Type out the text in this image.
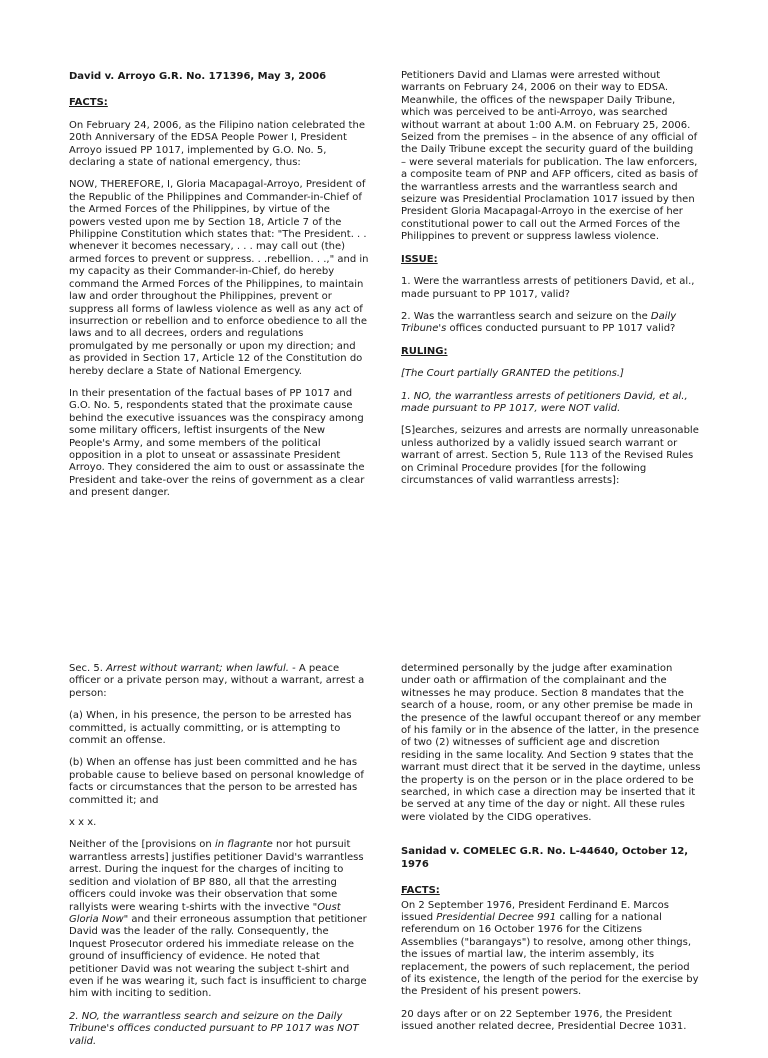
David v. Arroyo G.R. No. 171396, May 3, 2006

FACTS:

On February 24, 2006, as the Filipino nation celebrated the 20th Anniversary of the EDSA People Power I, President Arroyo issued PP 1017, implemented by G.O. No. 5, declaring a state of national emergency, thus:

NOW, THEREFORE, I, Gloria Macapagal-Arroyo, President of the Republic of the Philippines and Commander-in-Chief of the Armed Forces of the Philippines, by virtue of the powers vested upon me by Section 18, Article 7 of the Philippine Constitution which states that: "The President. . . whenever it becomes necessary, . . . may call out (the) armed forces to prevent or suppress. . .rebellion. . .," and in my capacity as their Commander-in-Chief, do hereby command the Armed Forces of the Philippines, to maintain law and order throughout the Philippines, prevent or suppress all forms of lawless violence as well as any act of insurrection or rebellion and to enforce obedience to all the laws and to all decrees, orders and regulations promulgated by me personally or upon my direction; and as provided in Section 17, Article 12 of the Constitution do hereby declare a State of National Emergency.

In their presentation of the factual bases of PP 1017 and G.O. No. 5, respondents stated that the proximate cause behind the executive issuances was the conspiracy among some military officers, leftist insurgents of the New People's Army, and some members of the political opposition in a plot to unseat or assassinate President Arroyo. They considered the aim to oust or assassinate the President and take-over the reins of government as a clear and present danger.

Petitioners David and Llamas were arrested without warrants on February 24, 2006 on their way to EDSA. Meanwhile, the offices of the newspaper Daily Tribune, which was perceived to be anti-Arroyo, was searched without warrant at about 1:00 A.M. on February 25, 2006. Seized from the premises – in the absence of any official of the Daily Tribune except the security guard of the building – were several materials for publication. The law enforcers, a composite team of PNP and AFP officers, cited as basis of the warrantless arrests and the warrantless search and seizure was Presidential Proclamation 1017 issued by then President Gloria Macapagal-Arroyo in the exercise of her constitutional power to call out the Armed Forces of the Philippines to prevent or suppress lawless violence.

ISSUE:

1. Were the warrantless arrests of petitioners David, et al., made pursuant to PP 1017, valid?

2. Was the warrantless search and seizure on the Daily Tribune's offices conducted pursuant to PP 1017 valid?

RULING:

[The Court partially GRANTED the petitions.]

1. NO, the warrantless arrests of petitioners David, et al., made pursuant to PP 1017, were NOT valid.

[S]earches, seizures and arrests are normally unreasonable unless authorized by a validly issued search warrant or warrant of arrest. Section 5, Rule 113 of the Revised Rules on Criminal Procedure provides [for the following circumstances of valid warrantless arrests]:

Sec. 5. Arrest without warrant; when lawful. - A peace officer or a private person may, without a warrant, arrest a person:

(a) When, in his presence, the person to be arrested has committed, is actually committing, or is attempting to commit an offense.

(b) When an offense has just been committed and he has probable cause to believe based on personal knowledge of facts or circumstances that the person to be arrested has committed it; and

x x x.

Neither of the [provisions on in flagrante nor hot pursuit warrantless arrests] justifies petitioner David's warrantless arrest. During the inquest for the charges of inciting to sedition and violation of BP 880, all that the arresting officers could invoke was their observation that some rallyists were wearing t-shirts with the invective "Oust Gloria Now" and their erroneous assumption that petitioner David was the leader of the rally. Consequently, the Inquest Prosecutor ordered his immediate release on the ground of insufficiency of evidence. He noted that petitioner David was not wearing the subject t-shirt and even if he was wearing it, such fact is insufficient to charge him with inciting to sedition.

2. NO, the warrantless search and seizure on the Daily Tribune's offices conducted pursuant to PP 1017 was NOT valid.

determined personally by the judge after examination under oath or affirmation of the complainant and the witnesses he may produce. Section 8 mandates that the search of a house, room, or any other premise be made in the presence of the lawful occupant thereof or any member of his family or in the absence of the latter, in the presence of two (2) witnesses of sufficient age and discretion residing in the same locality. And Section 9 states that the warrant must direct that it be served in the daytime, unless the property is on the person or in the place ordered to be searched, in which case a direction may be inserted that it be served at any time of the day or night. All these rules were violated by the CIDG operatives.

Sanidad v. COMELEC G.R. No. L-44640, October 12, 1976

FACTS:

On 2 September 1976, President Ferdinand E. Marcos issued Presidential Decree 991 calling for a national referendum on 16 October 1976 for the Citizens Assemblies ("barangays") to resolve, among other things, the issues of martial law, the interim assembly, its replacement, the powers of such replacement, the period of its existence, the length of the period for the exercise by the President of his present powers.

20 days after or on 22 September 1976, the President issued another related decree, Presidential Decree 1031.
